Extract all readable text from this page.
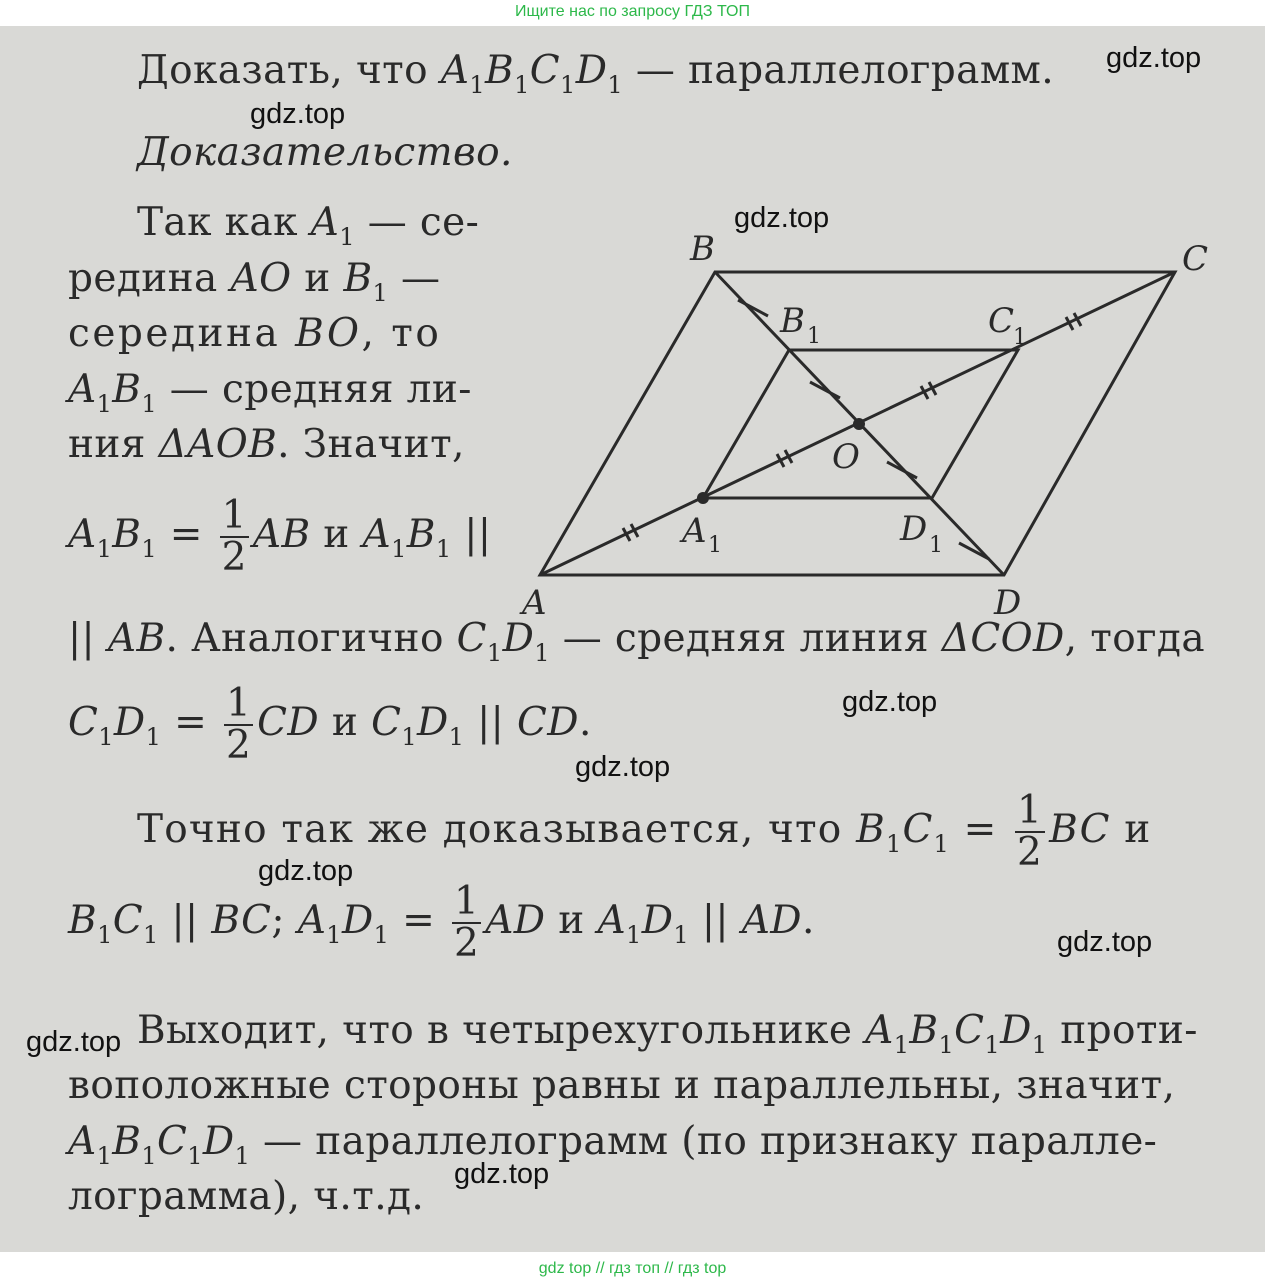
Ищите нас по запросу ГДЗ ТОП
Доказать, что $A_1B_1C_1D_1$ — параллелограмм.
Доказательство.
Так как $A_1$ — се-
редина AO и $B_1$ —
середина BO, то
$A_1B_1$ — средняя ли-
ния ΔAOB. Значит,
$A_1B_1 = \frac{1}{2}$ AB и $A_1B_1$ ||
|| AB. Аналогично $C_1D_1$ — средняя линия ΔCOD, тогда
$C_1D_1 = \frac{1}{2}$ CD и $C_1D_1$ || CD.
Точно так же доказывается, что $B_1C_1 = \frac{1}{2}$ BC и
$B_1C_1$ || BC; $A_1D_1 = \frac{1}{2}$ AD и $A_1D_1$ || AD.
Выходит, что в четырехугольнике $A_1B_1C_1D_1$ проти-
воположные стороны равны и параллельны, значит,
$A_1B_1C_1D_1$ — параллелограмм (по признаку паралле-
лограмма), ч.т.д.
A
B	C
D
O
A 1
B 1	C
1
D 1
gdz.top
gdz.top
gdz.top
gdz.top
gdz.top
gdz.top
gdz.top
gdz.top
gdz.top
gdz top // гдз топ // гдз top
